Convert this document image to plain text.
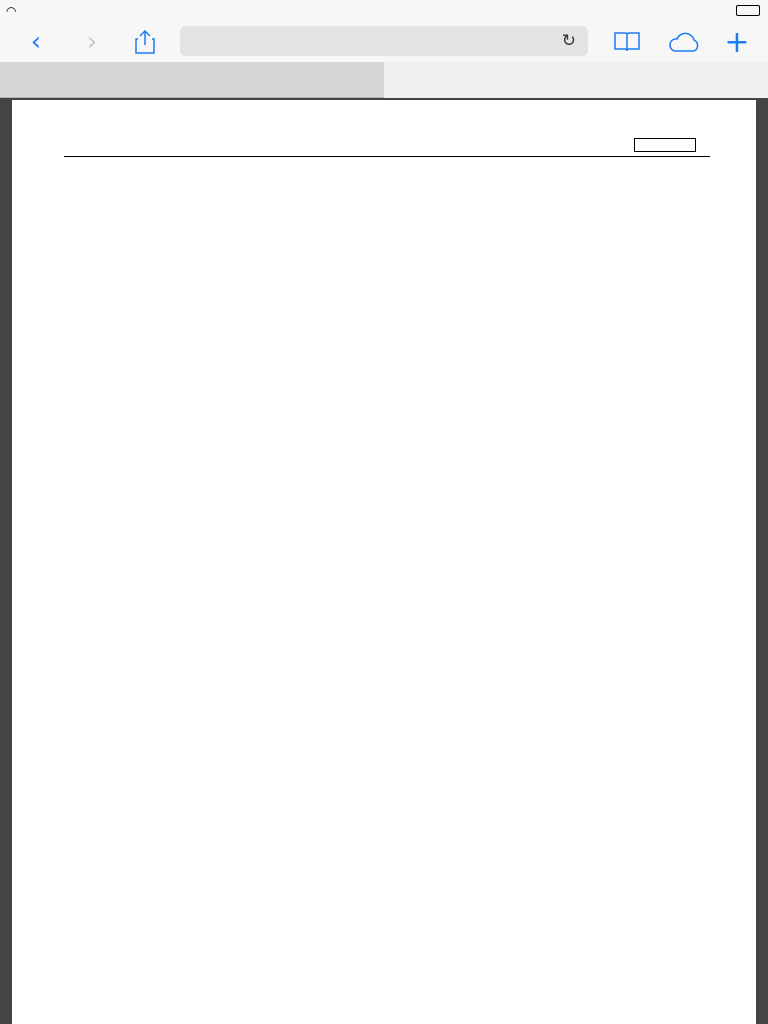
◠
‹	›	↻	+
